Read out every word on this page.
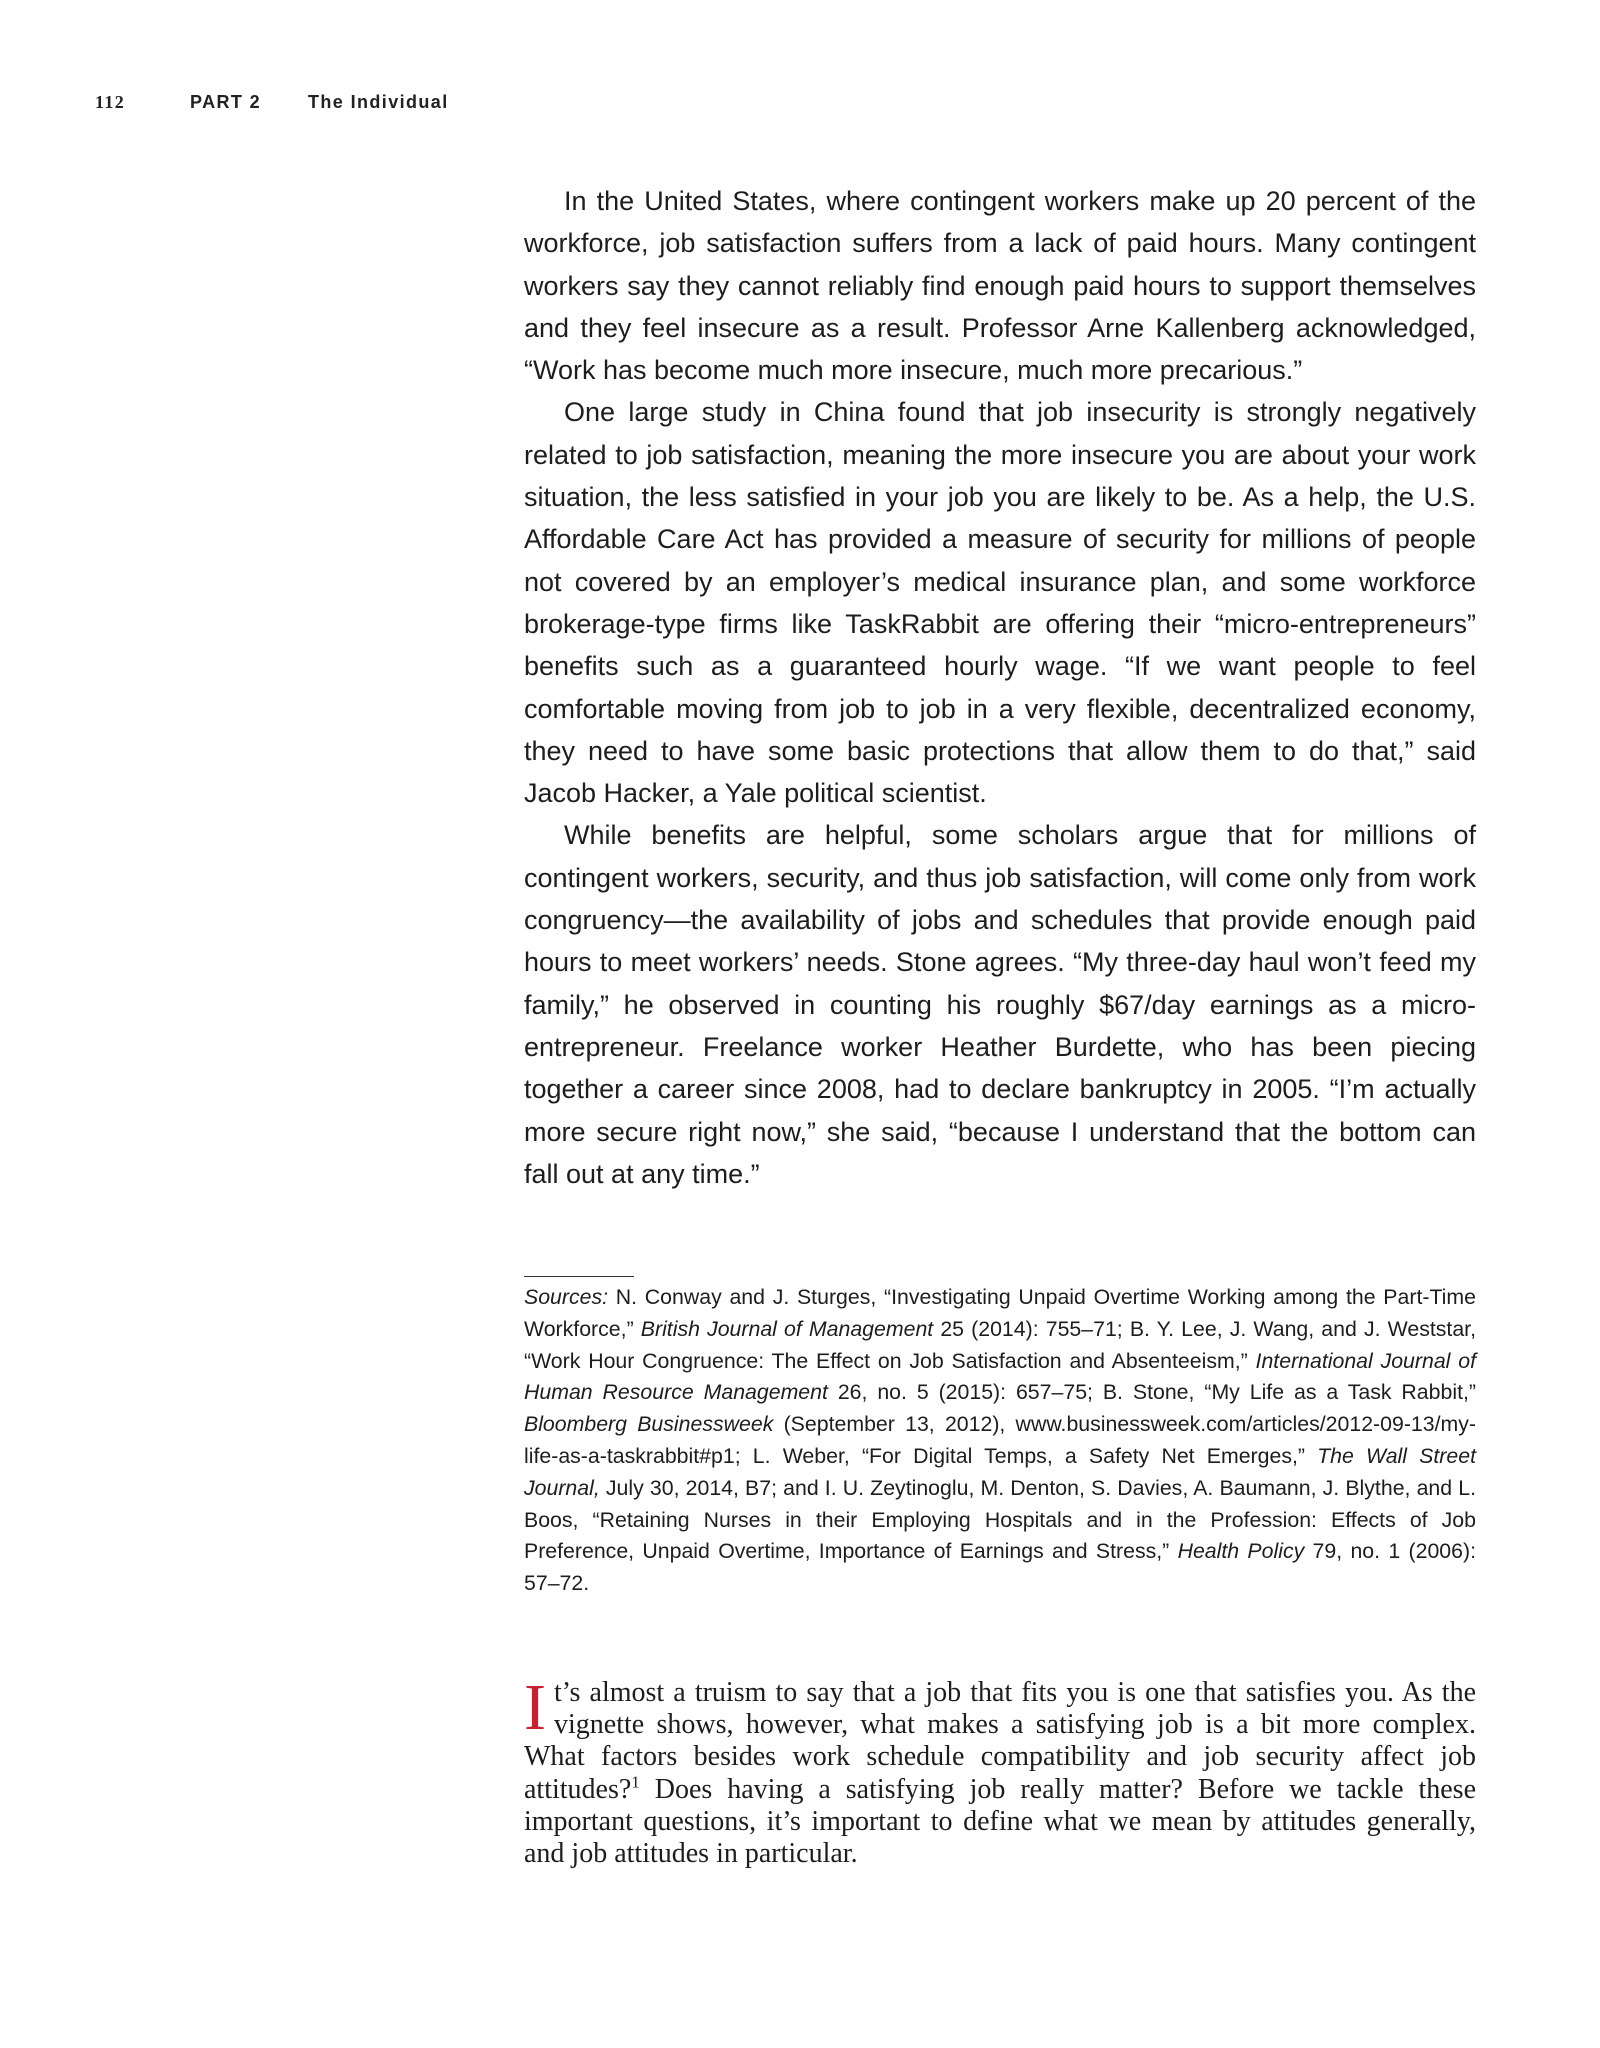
112	PART 2	The Individual

In the United States, where contingent workers make up 20 percent of the workforce, job satisfaction suffers from a lack of paid hours. Many contingent workers say they cannot reliably find enough paid hours to support themselves and they feel insecure as a result. Professor Arne Kallenberg acknowledged, “Work has become much more insecure, much more precarious.”

One large study in China found that job insecurity is strongly negatively related to job satisfaction, meaning the more insecure you are about your work situation, the less satisfied in your job you are likely to be. As a help, the U.S. Affordable Care Act has provided a measure of security for millions of people not covered by an employer’s medical insurance plan, and some workforce brokerage-type firms like TaskRabbit are offering their “micro-entrepreneurs” benefits such as a guaranteed hourly wage. “If we want people to feel comfortable moving from job to job in a very flexible, decentralized economy, they need to have some basic protections that allow them to do that,” said Jacob Hacker, a Yale political scientist.

While benefits are helpful, some scholars argue that for millions of contingent workers, security, and thus job satisfaction, will come only from work congruency—the availability of jobs and schedules that provide enough paid hours to meet workers’ needs. Stone agrees. “My three-day haul won’t feed my family,” he observed in counting his roughly $67/day earnings as a micro-entrepreneur. Freelance worker Heather Burdette, who has been piecing together a career since 2008, had to declare bankruptcy in 2005. “I’m actually more secure right now,” she said, “because I understand that the bottom can fall out at any time.”

Sources: N. Conway and J. Sturges, “Investigating Unpaid Overtime Working among the Part-Time Workforce,” British Journal of Management 25 (2014): 755–71; B. Y. Lee, J. Wang, and J. Weststar, “Work Hour Congruence: The Effect on Job Satisfaction and Absenteeism,” International Journal of Human Resource Management 26, no. 5 (2015): 657–75; B. Stone, “My Life as a Task Rabbit,” Bloomberg Businessweek (September 13, 2012), www.businessweek.com/articles/2012-09-13/my-life-as-a-taskrabbit#p1; L. Weber, “For Digital Temps, a Safety Net Emerges,” The Wall Street Journal, July 30, 2014, B7; and I. U. Zeytinoglu, M. Denton, S. Davies, A. Baumann, J. Blythe, and L. Boos, “Retaining Nurses in their Employing Hospitals and in the Profession: Effects of Job Preference, Unpaid Overtime, Importance of Earnings and Stress,” Health Policy 79, no. 1 (2006): 57–72.

It’s almost a truism to say that a job that fits you is one that satisfies you. As the vignette shows, however, what makes a satisfying job is a bit more complex. What factors besides work schedule compatibility and job security affect job attitudes?$^1$ Does having a satisfying job really matter? Before we tackle these important questions, it’s important to define what we mean by attitudes generally, and job attitudes in particular.
